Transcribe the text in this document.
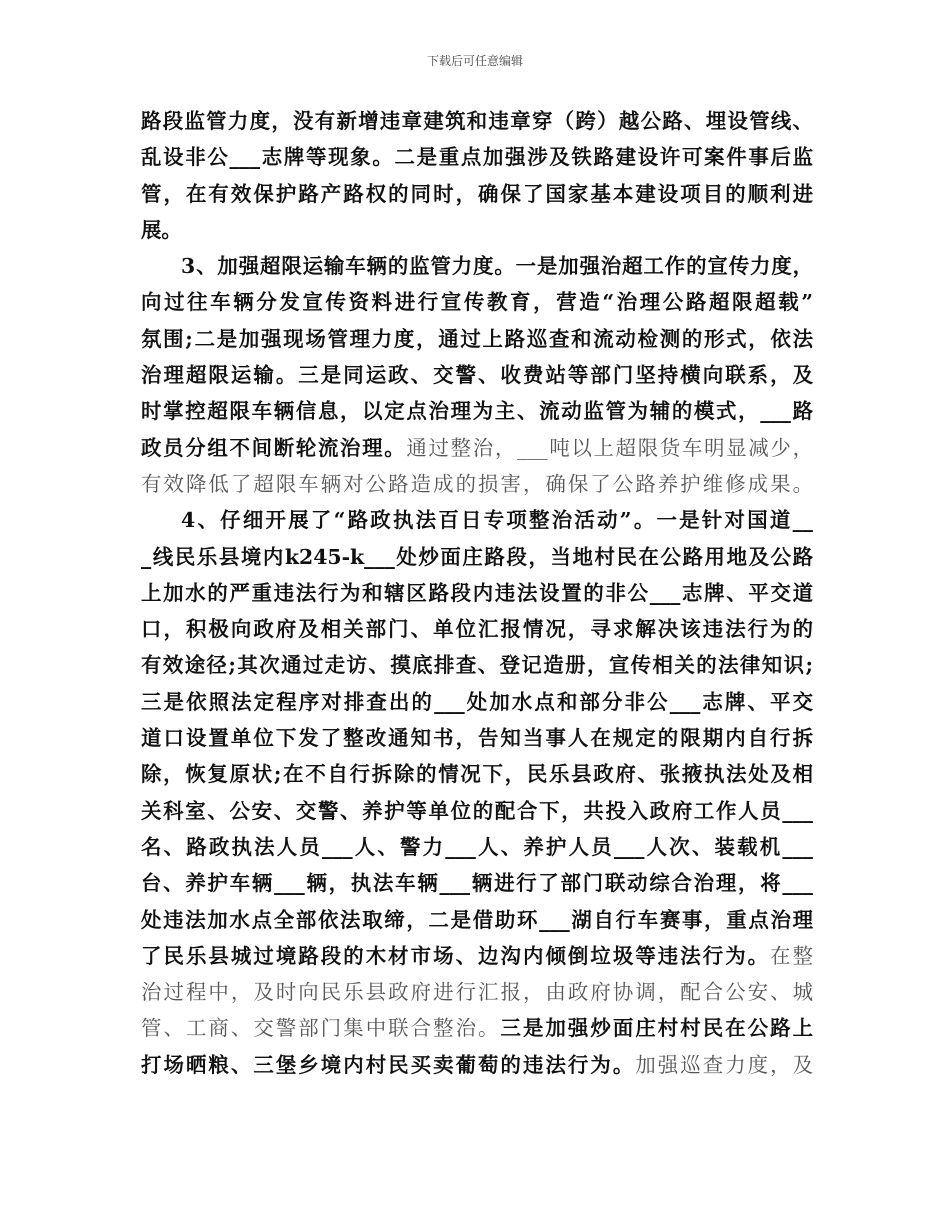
下载后可任意编辑
路段监管力度，没有新增违章建筑和违章穿（跨）越公路、埋设管线、
乱设非公___志牌等现象。二是重点加强涉及铁路建设许可案件事后监
管，在有效保护路产路权的同时，确保了国家基本建设项目的顺利进
展。
3、加强超限运输车辆的监管力度。一是加强治超工作的宣传力度，
向过往车辆分发宣传资料进行宣传教育，营造“治理公路超限超载”
氛围;二是加强现场管理力度，通过上路巡查和流动检测的形式，依法
治理超限运输。三是同运政、交警、收费站等部门坚持横向联系，及
时掌控超限车辆信息，以定点治理为主、流动监管为辅的模式，___路
政员分组不间断轮流治理。通过整治，___吨以上超限货车明显减少，
有效降低了超限车辆对公路造成的损害，确保了公路养护维修成果。
4、仔细开展了“路政执法百日专项整治活动”。一是针对国道__
_线民乐县境内k245-k___处炒面庄路段，当地村民在公路用地及公路
上加水的严重违法行为和辖区路段内违法设置的非公___志牌、平交道
口，积极向政府及相关部门、单位汇报情况，寻求解决该违法行为的
有效途径;其次通过走访、摸底排查、登记造册，宣传相关的法律知识;
三是依照法定程序对排查出的___处加水点和部分非公___志牌、平交
道口设置单位下发了整改通知书，告知当事人在规定的限期内自行拆
除，恢复原状;在不自行拆除的情况下，民乐县政府、张掖执法处及相
关科室、公安、交警、养护等单位的配合下，共投入政府工作人员___
名、路政执法人员___人、警力___人、养护人员___人次、装载机___
台、养护车辆___辆，执法车辆___辆进行了部门联动综合治理，将___
处违法加水点全部依法取缔，二是借助环___湖自行车赛事，重点治理
了民乐县城过境路段的木材市场、边沟内倾倒垃圾等违法行为。在整
治过程中，及时向民乐县政府进行汇报，由政府协调，配合公安、城
管、工商、交警部门集中联合整治。三是加强炒面庄村村民在公路上
打场晒粮、三堡乡境内村民买卖葡萄的违法行为。加强巡查力度，及
